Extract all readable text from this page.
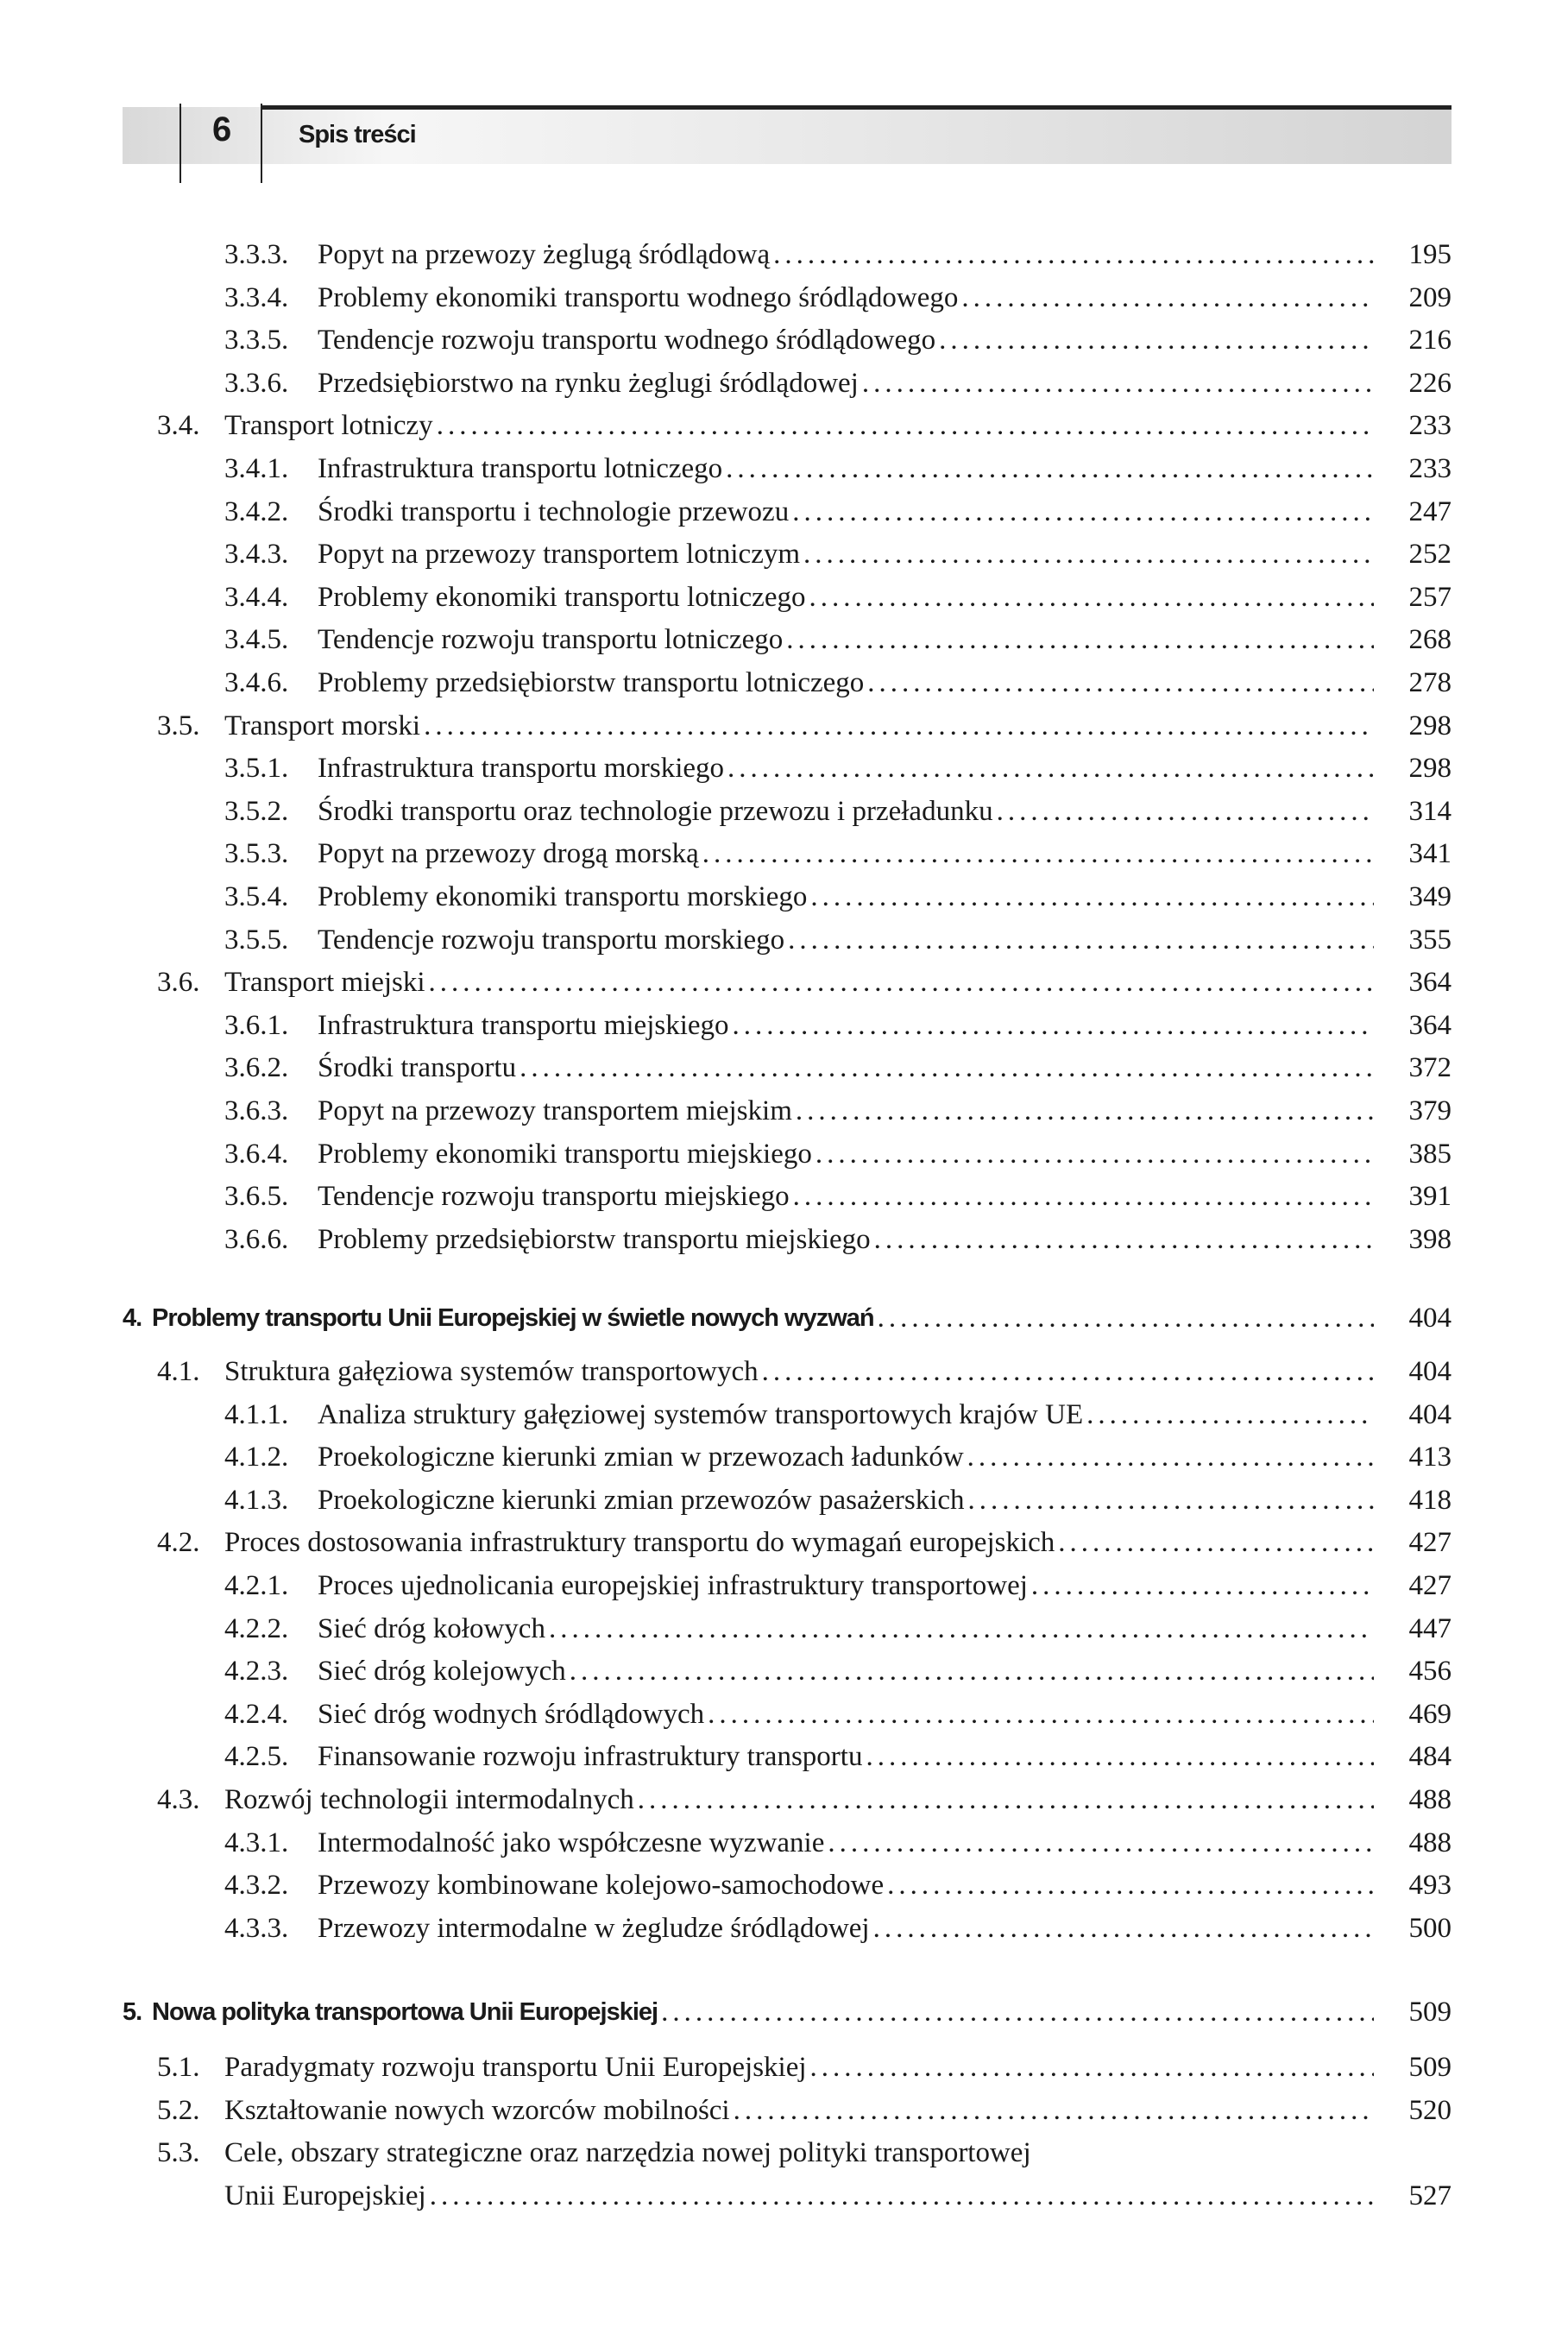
6	Spis treści
3.3.3. Popyt na przewozy żeglugą śródlądową .....	195
3.3.4. Problemy ekonomiki transportu wodnego śródlądowego .....	209
3.3.5. Tendencje rozwoju transportu wodnego śródlądowego .....	216
3.3.6. Przedsiębiorstwo na rynku żeglugi śródlądowej .....	226
3.4. Transport lotniczy .....	233
3.4.1. Infrastruktura transportu lotniczego .....	233
3.4.2. Środki transportu i technologie przewozu .....	247
3.4.3. Popyt na przewozy transportem lotniczym .....	252
3.4.4. Problemy ekonomiki transportu lotniczego .....	257
3.4.5. Tendencje rozwoju transportu lotniczego .....	268
3.4.6. Problemy przedsiębiorstw transportu lotniczego .....	278
3.5. Transport morski .....	298
3.5.1. Infrastruktura transportu morskiego .....	298
3.5.2. Środki transportu oraz technologie przewozu i przeładunku .....	314
3.5.3. Popyt na przewozy drogą morską .....	341
3.5.4. Problemy ekonomiki transportu morskiego .....	349
3.5.5. Tendencje rozwoju transportu morskiego .....	355
3.6. Transport miejski .....	364
3.6.1. Infrastruktura transportu miejskiego .....	364
3.6.2. Środki transportu .....	372
3.6.3. Popyt na przewozy transportem miejskim .....	379
3.6.4. Problemy ekonomiki transportu miejskiego .....	385
3.6.5. Tendencje rozwoju transportu miejskiego .....	391
3.6.6. Problemy przedsiębiorstw transportu miejskiego .....	398
4. Problemy transportu Unii Europejskiej w świetle nowych wyzwań .....	404
4.1. Struktura gałęziowa systemów transportowych .....	404
4.1.1. Analiza struktury gałęziowej systemów transportowych krajów UE .....	404
4.1.2. Proekologiczne kierunki zmian w przewozach ładunków .....	413
4.1.3. Proekologiczne kierunki zmian przewozów pasażerskich .....	418
4.2. Proces dostosowania infrastruktury transportu do wymagań europejskich .....	427
4.2.1. Proces ujednolicania europejskiej infrastruktury transportowej .....	427
4.2.2. Sieć dróg kołowych .....	447
4.2.3. Sieć dróg kolejowych .....	456
4.2.4. Sieć dróg wodnych śródlądowych .....	469
4.2.5. Finansowanie rozwoju infrastruktury transportu .....	484
4.3. Rozwój technologii intermodalnych .....	488
4.3.1. Intermodalność jako współczesne wyzwanie .....	488
4.3.2. Przewozy kombinowane kolejowo-samochodowe .....	493
4.3.3. Przewozy intermodalne w żegludze śródlądowej .....	500
5. Nowa polityka transportowa Unii Europejskiej .....	509
5.1. Paradygmaty rozwoju transportu Unii Europejskiej .....	509
5.2. Kształtowanie nowych wzorców mobilności .....	520
5.3. Cele, obszary strategiczne oraz narzędzia nowej polityki transportowej
Unii Europejskiej .....	527
